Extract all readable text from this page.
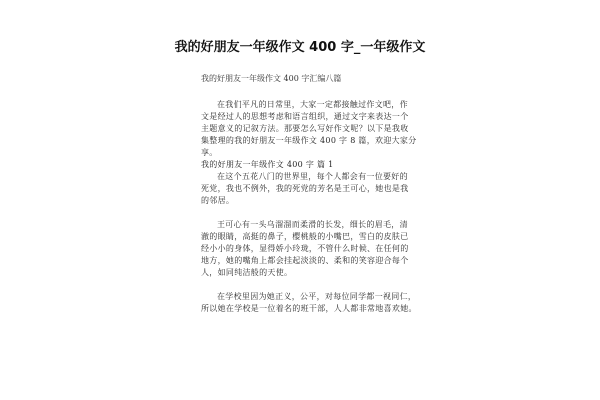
我的好朋友一年级作文 400 字_一年级作文
我的好朋友一年级作文 400 字汇编八篇
在我们平凡的日常里，大家一定都接触过作文吧，作
文是经过人的思想考虑和语言组织，通过文字来表达一个
主题意义的记叙方法。那要怎么写好作文呢？以下是我收
集整理的我的好朋友一年级作文 400 字 8 篇，欢迎大家分
享。
我的好朋友一年级作文 400 字 篇 1
在这个五花八门的世界里，每个人都会有一位要好的
死党，我也不例外，我的死党的芳名是王可心，她也是我
的邻居。
王可心有一头乌溜溜而柔滑的长发，细长的眉毛，清
澈的眼睛，高挺的鼻子，樱桃般的小嘴巴，雪白的皮肤已
经小小的身体，显得娇小玲珑，不管什么时候、在任何的
地方，她的嘴角上都会挂起淡淡的、柔和的笑容迎合每个
人，如同纯洁般的天使。
在学校里因为她正义，公平，对每位同学都一视同仁，
所以她在学校是一位着名的班干部，人人都非常地喜欢她。
